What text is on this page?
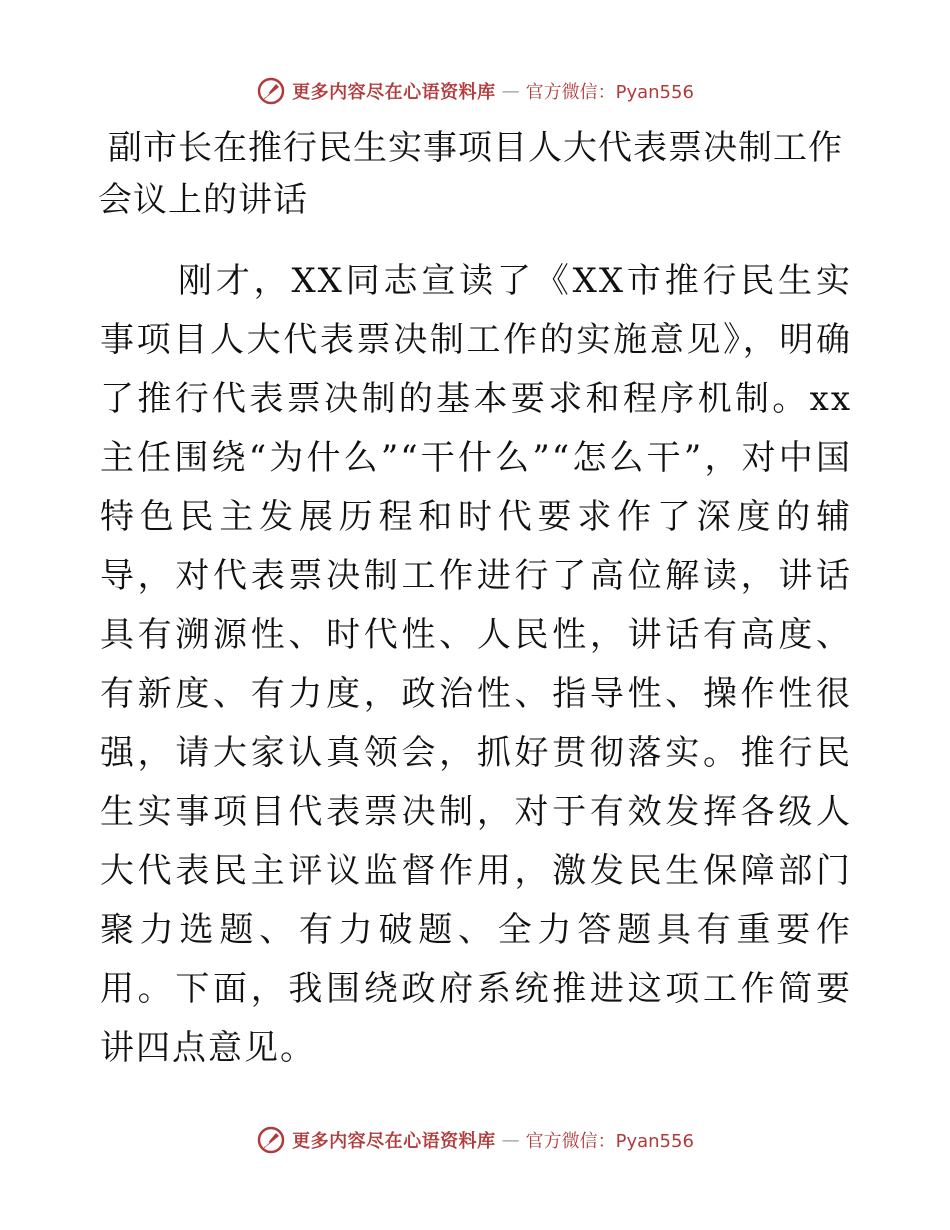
更多内容尽在心语资料库 — 官方微信：Pyan556
副市长在推行民生实事项目人大代表票决制工作
会议上的讲话

刚才，XX同志宣读了《XX市推行民生实事项目人大代表票决制工作的实施意见》，明确了推行代表票决制的基本要求和程序机制。xx主任围绕“为什么”“干什么”“怎么干”，对中国特色民主发展历程和时代要求作了深度的辅导，对代表票决制工作进行了高位解读，讲话具有溯源性、时代性、人民性，讲话有高度、有新度、有力度，政治性、指导性、操作性很强，请大家认真领会，抓好贯彻落实。推行民生实事项目代表票决制，对于有效发挥各级人大代表民主评议监督作用，激发民生保障部门聚力选题、有力破题、全力答题具有重要作用。下面，我围绕政府系统推进这项工作简要讲四点意见。

更多内容尽在心语资料库 — 官方微信：Pyan556
